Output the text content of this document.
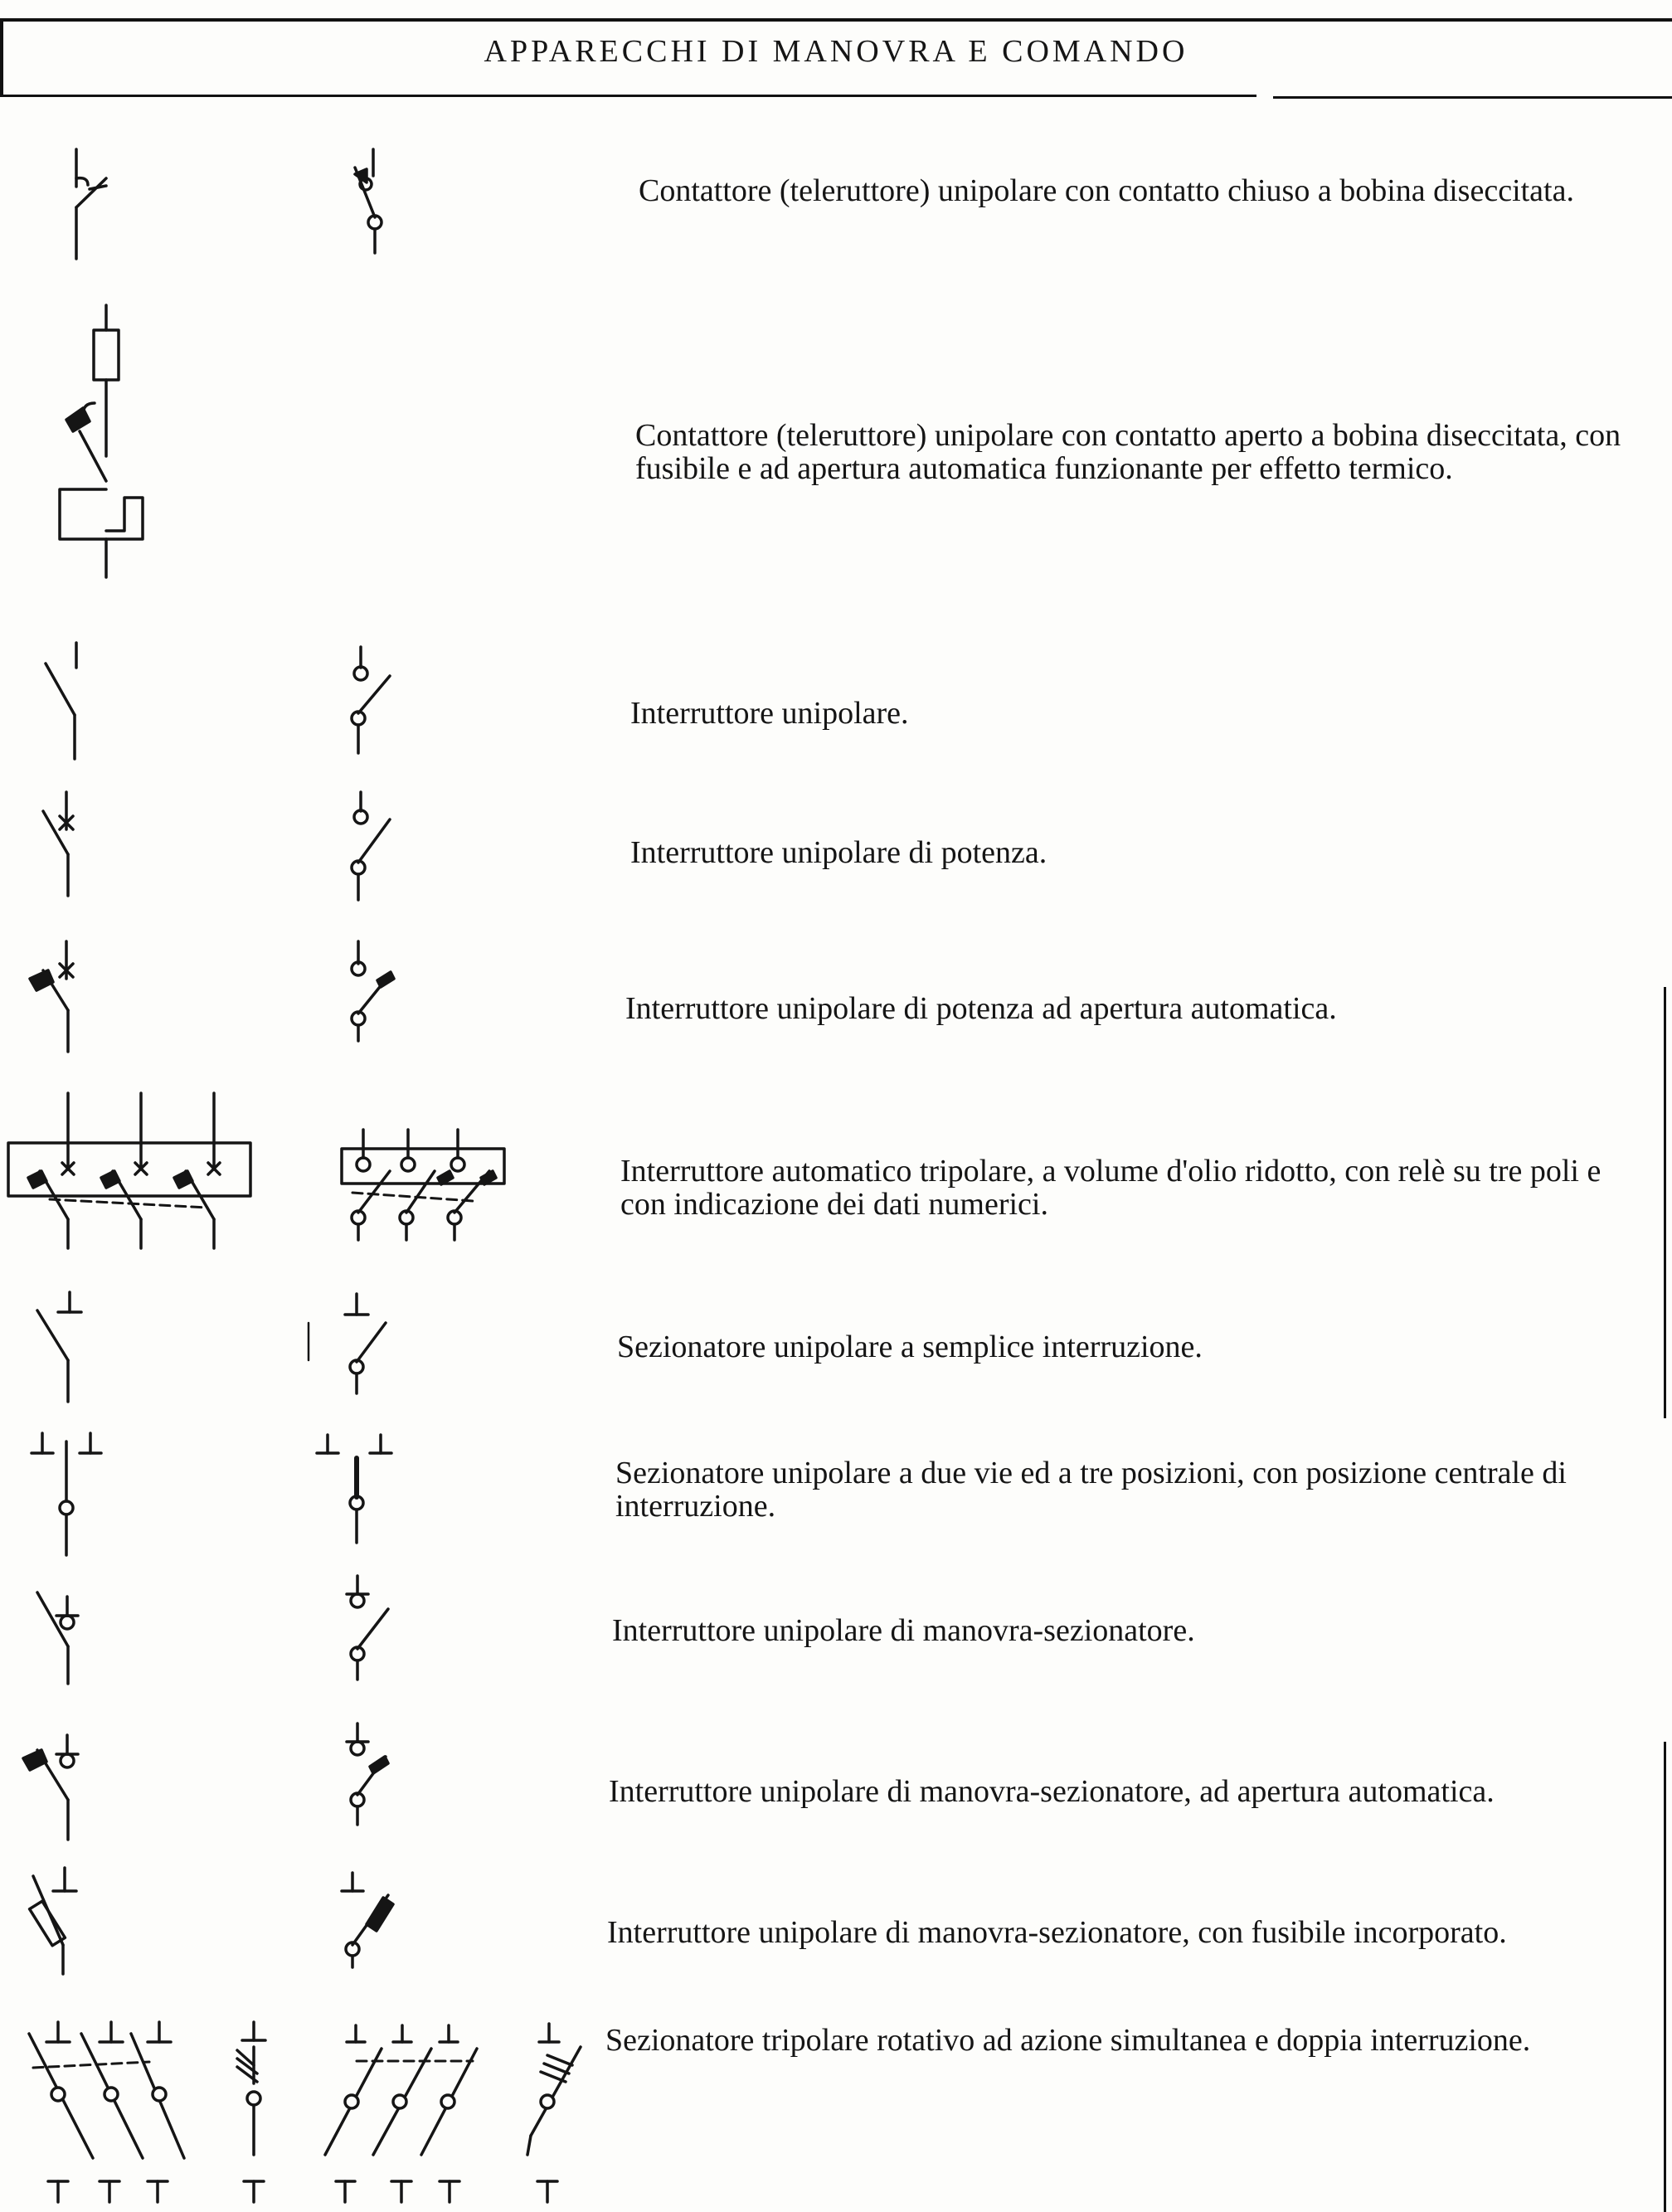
APPARECCHI DI MANOVRA E COMANDO

Contattore (teleruttore) unipolare con contatto chiuso a bobina diseccitata.

Contattore (teleruttore) unipolare con contatto aperto a bobina diseccitata, con fusibile e ad apertura automatica funzionante per effetto termico.

Interruttore unipolare.

Interruttore unipolare di potenza.

Interruttore unipolare di potenza ad apertura automatica.

Interruttore automatico tripolare, a volume d'olio ridotto, con relè su tre poli e con indicazione dei dati numerici.

Sezionatore unipolare a semplice interruzione.

Sezionatore unipolare a due vie ed a tre posizioni, con posizione centrale di interruzione.

Interruttore unipolare di manovra-sezionatore.

Interruttore unipolare di manovra-sezionatore, ad apertura automatica.

Interruttore unipolare di manovra-sezionatore, con fusibile incorporato.

Sezionatore tripolare rotativo ad azione simultanea e doppia interruzione.
